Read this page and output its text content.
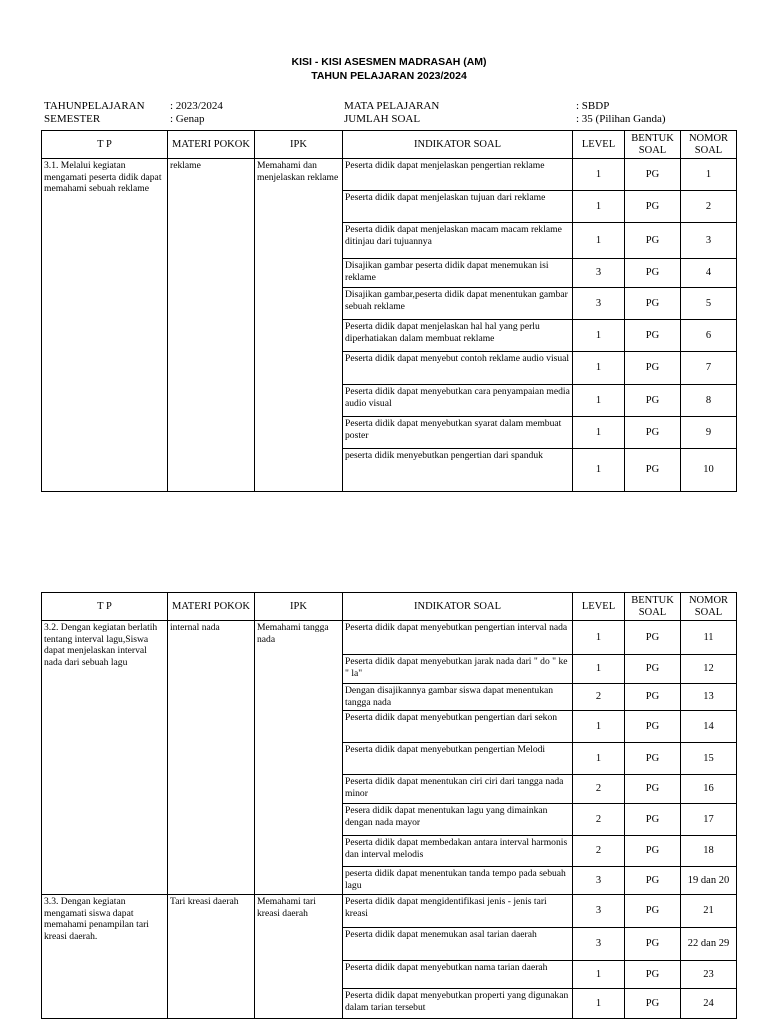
KISI - KISI ASESMEN MADRASAH (AM)
TAHUN PELAJARAN 2023/2024
TAHUNPELAJARAN : 2023/2024
SEMESTER	: Genap
MATA PELAJARAN	: SBDP
JUMLAH SOAL	: 35 (Pilihan Ganda)
T P	MATERI POKOK	IPK	INDIKATOR SOAL	LEVEL	BENTUK SOAL	NOMOR SOAL
3.1. Melalui kegiatan mengamati peserta didik dapat memahami sebuah reklame	reklame	Memahami dan menjelaskan reklame	Peserta didik dapat menjelaskan pengertian reklame	1	PG	1
			Peserta didik dapat menjelaskan tujuan dari reklame	1	PG	2
			Peserta didik dapat menjelaskan macam macam reklame ditinjau dari tujuannya	1	PG	3
			Disajikan gambar peserta didik dapat menemukan isi reklame	3	PG	4
			Disajikan gambar,peserta didik dapat menentukan gambar sebuah reklame	3	PG	5
			Peserta didik dapat menjelaskan hal hal yang perlu diperhatiakan dalam membuat reklame	1	PG	6
			Peserta didik dapat menyebut contoh reklame audio visual	1	PG	7
			Peserta didik dapat menyebutkan cara penyampaian media audio visual	1	PG	8
			Peserta didik dapat menyebutkan syarat dalam membuat poster	1	PG	9
			peserta didik menyebutkan pengertian dari spanduk	1	PG	10
T P	MATERI POKOK	IPK	INDIKATOR SOAL	LEVEL	BENTUK SOAL	NOMOR SOAL
3.2. Dengan kegiatan berlatih tentang interval lagu,Siswa dapat menjelaskan interval nada dari sebuah lagu	internal nada	Memahami tangga nada	Peserta didik dapat menyebutkan pengertian interval nada	1	PG	11
			Peserta didik dapat menyebutkan jarak nada dari " do " ke " la"	1	PG	12
			Dengan disajikannya gambar siswa dapat menentukan tangga nada	2	PG	13
			Peserta didik dapat menyebutkan pengertian dari sekon	1	PG	14
			Peserta didik dapat menyebutkan pengertian Melodi	1	PG	15
			Peserta didik dapat menentukan ciri ciri dari tangga nada minor	2	PG	16
			Pesera didik dapat menentukan lagu yang dimainkan dengan nada mayor	2	PG	17
			Peserta didik dapat membedakan antara interval harmonis dan interval melodis	2	PG	18
			peserta didik dapat menentukan tanda tempo pada sebuah lagu	3	PG	19 dan 20
3.3. Dengan kegiatan mengamati siswa dapat memahami penampilan tari kreasi daerah.	Tari kreasi daerah	Memahami tari kreasi daerah	Peserta didik dapat mengidentifikasi jenis - jenis tari kreasi	3	PG	21
			Peserta didik dapat menemukan asal tarian daerah	3	PG	22 dan 29
			Peserta didik dapat menyebutkan nama tarian daerah	1	PG	23
			Peserta didik dapat menyebutkan properti yang digunakan dalam tarian tersebut	1	PG	24
